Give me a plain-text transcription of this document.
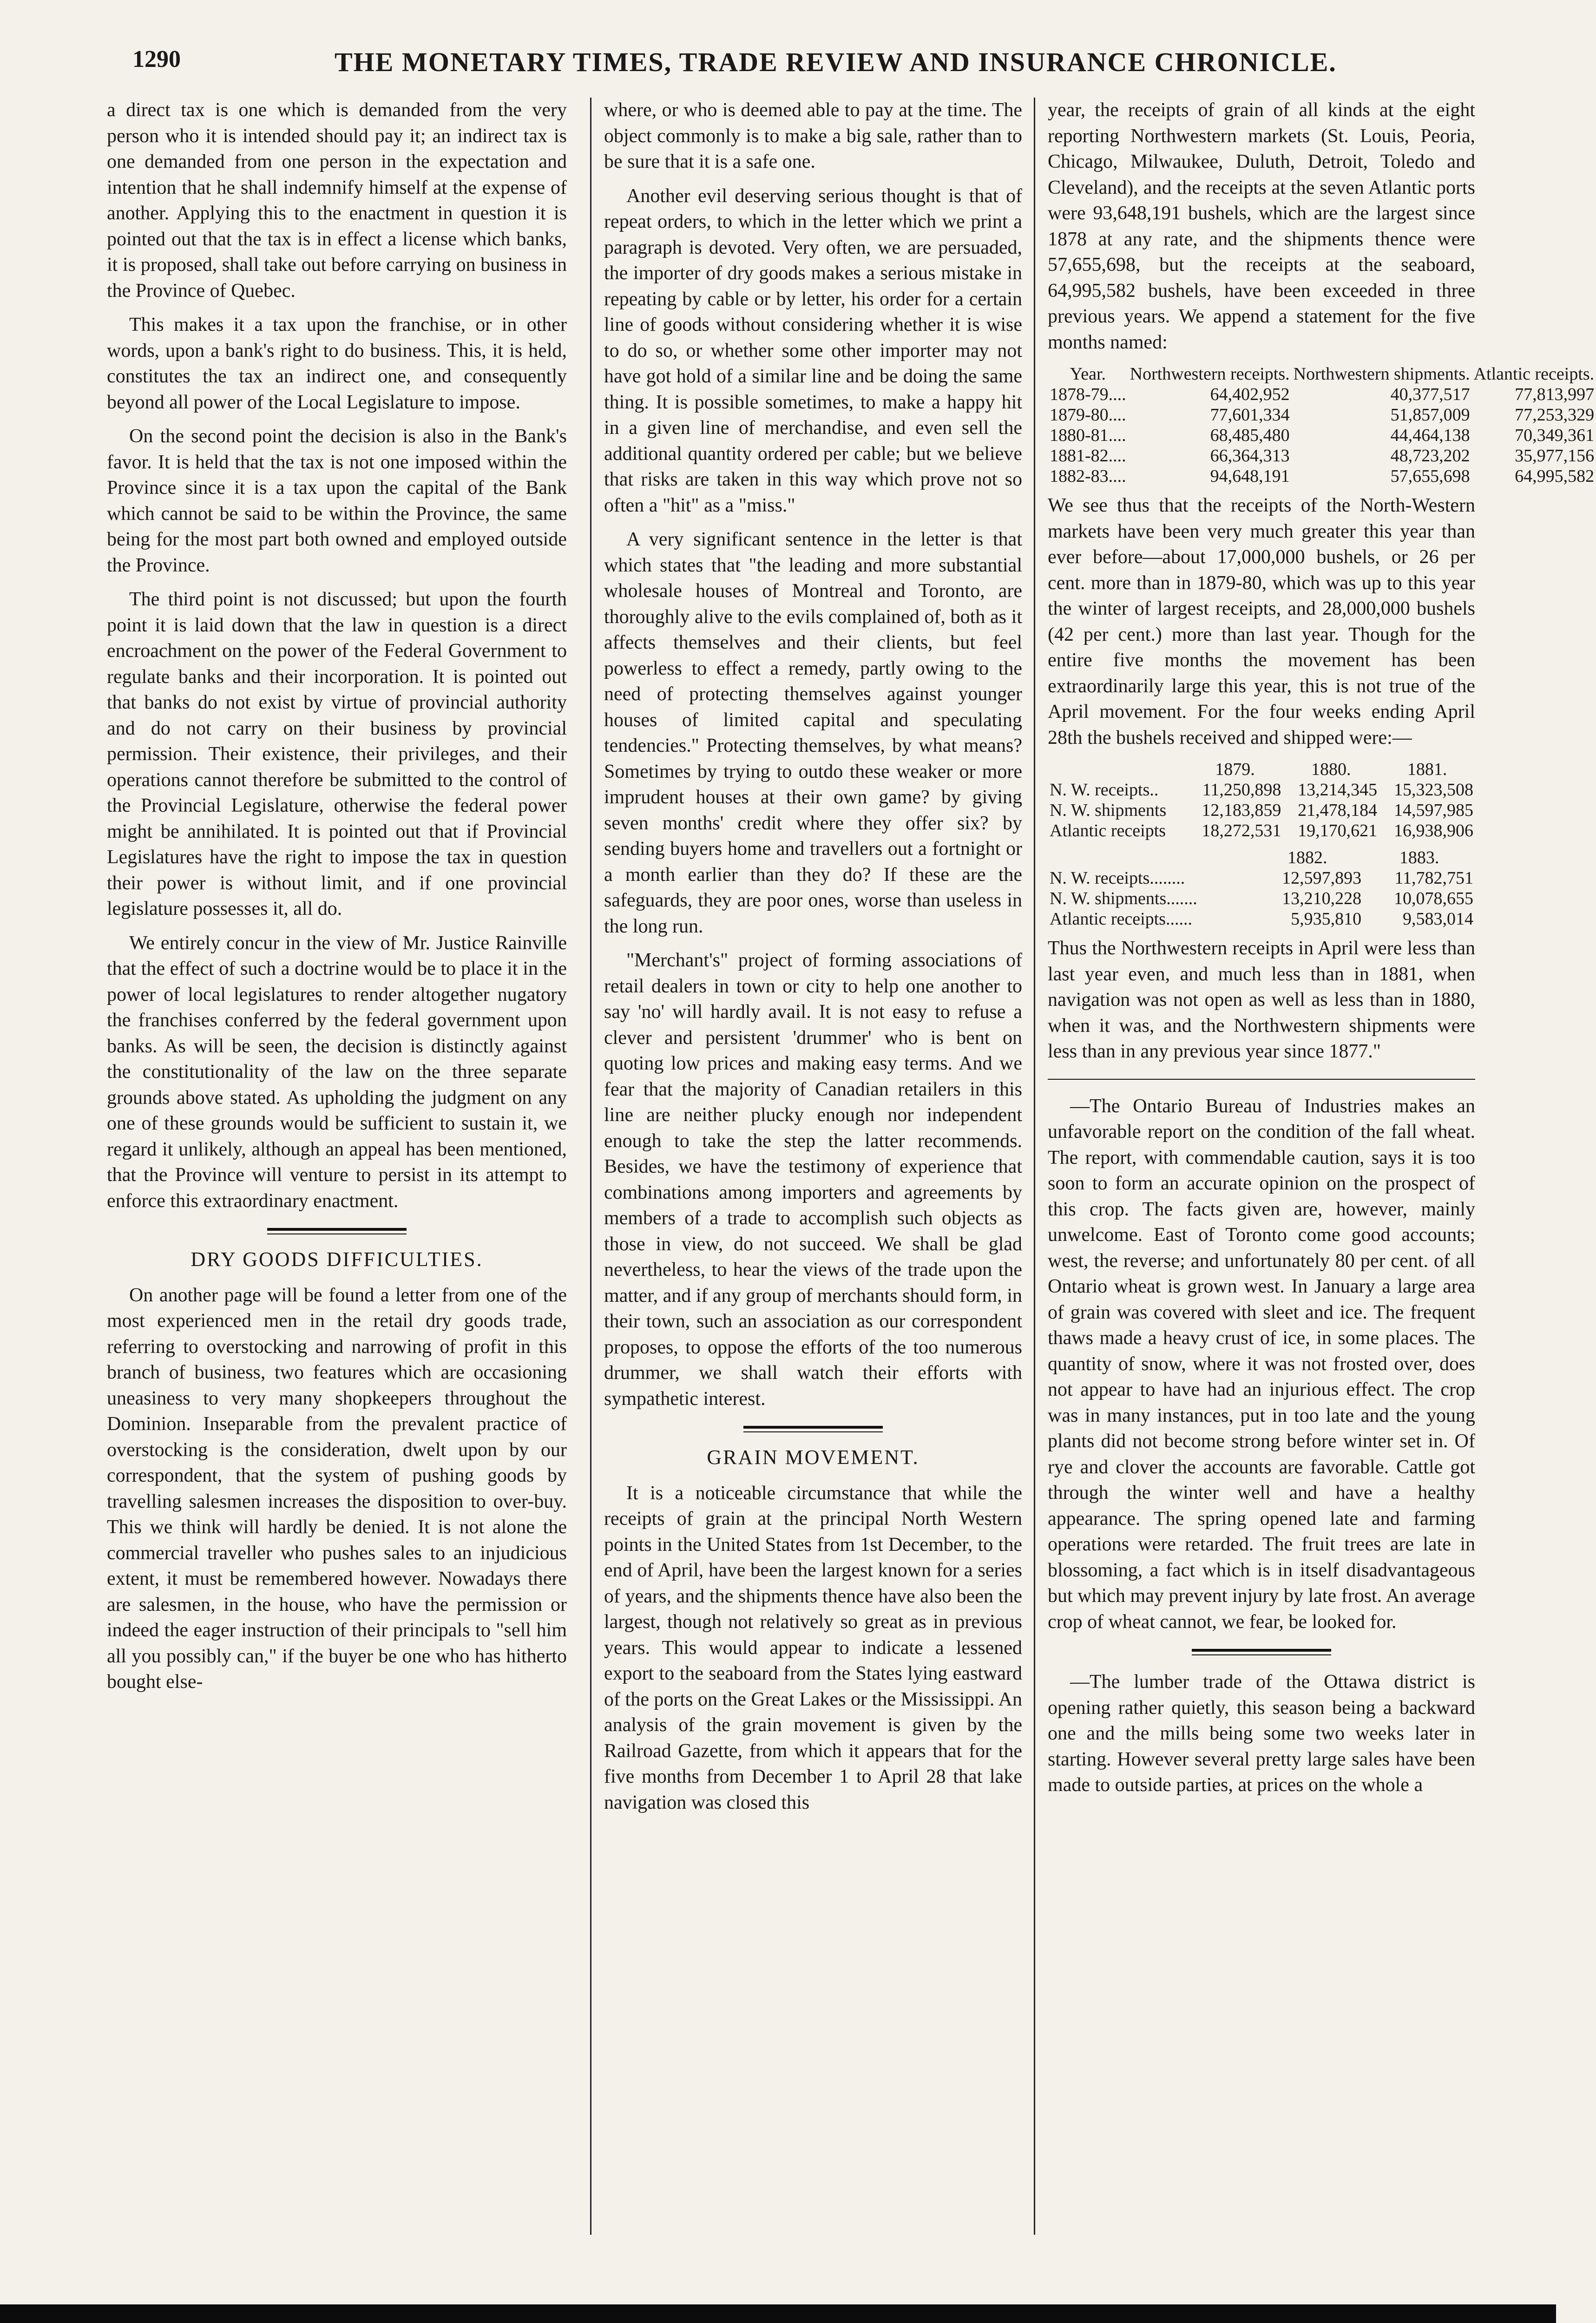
1290	THE MONETARY TIMES, TRADE REVIEW AND INSURANCE CHRONICLE.

a direct tax is one which is demanded from the very person who it is intended should pay it; an indirect tax is one demanded from one person in the expectation and intention that he shall indemnify himself at the expense of another. Applying this to the enactment in question it is pointed out that the tax is in effect a license which banks, it is proposed, shall take out before carrying on business in the Province of Quebec.

This makes it a tax upon the franchise, or in other words, upon a bank's right to do business. This, it is held, constitutes the tax an indirect one, and consequently beyond all power of the Local Legislature to impose.

On the second point the decision is also in the Bank's favor. It is held that the tax is not one imposed within the Province since it is a tax upon the capital of the Bank which cannot be said to be within the Province, the same being for the most part both owned and employed outside the Province.

The third point is not discussed; but upon the fourth point it is laid down that the law in question is a direct encroachment on the power of the Federal Government to regulate banks and their incorporation. It is pointed out that banks do not exist by virtue of provincial authority and do not carry on their business by provincial permission. Their existence, their privileges, and their operations cannot therefore be submitted to the control of the Provincial Legislature, otherwise the federal power might be annihilated. It is pointed out that if Provincial Legislatures have the right to impose the tax in question their power is without limit, and if one provincial legislature possesses it, all do.

We entirely concur in the view of Mr. Justice Rainville that the effect of such a doctrine would be to place it in the power of local legislatures to render altogether nugatory the franchises conferred by the federal government upon banks. As will be seen, the decision is distinctly against the constitutionality of the law on the three separate grounds above stated. As upholding the judgment on any one of these grounds would be sufficient to sustain it, we regard it unlikely, although an appeal has been mentioned, that the Province will venture to persist in its attempt to enforce this extraordinary enactment.

DRY GOODS DIFFICULTIES.

On another page will be found a letter from one of the most experienced men in the retail dry goods trade, referring to overstocking and narrowing of profit in this branch of business, two features which are occasioning uneasiness to very many shopkeepers throughout the Dominion. Inseparable from the prevalent practice of overstocking is the consideration, dwelt upon by our correspondent, that the system of pushing goods by travelling salesmen increases the disposition to over-buy. This we think will hardly be denied. It is not alone the commercial traveller who pushes sales to an injudicious extent, it must be remembered however. Nowadays there are salesmen, in the house, who have the permission or indeed the eager instruction of their principals to "sell him all you possibly can," if the buyer be one who has hitherto bought else-

where, or who is deemed able to pay at the time. The object commonly is to make a big sale, rather than to be sure that it is a safe one.

Another evil deserving serious thought is that of repeat orders, to which in the letter which we print a paragraph is devoted. Very often, we are persuaded, the importer of dry goods makes a serious mistake in repeating by cable or by letter, his order for a certain line of goods without considering whether it is wise to do so, or whether some other importer may not have got hold of a similar line and be doing the same thing. It is possible sometimes, to make a happy hit in a given line of merchandise, and even sell the additional quantity ordered per cable; but we believe that risks are taken in this way which prove not so often a "hit" as a "miss."

A very significant sentence in the letter is that which states that "the leading and more substantial wholesale houses of Montreal and Toronto, are thoroughly alive to the evils complained of, both as it affects themselves and their clients, but feel powerless to effect a remedy, partly owing to the need of protecting themselves against younger houses of limited capital and speculating tendencies." Protecting themselves, by what means? Sometimes by trying to outdo these weaker or more imprudent houses at their own game? by giving seven months' credit where they offer six? by sending buyers home and travellers out a fortnight or a month earlier than they do? If these are the safeguards, they are poor ones, worse than useless in the long run.

"Merchant's" project of forming associations of retail dealers in town or city to help one another to say 'no' will hardly avail. It is not easy to refuse a clever and persistent 'drummer' who is bent on quoting low prices and making easy terms. And we fear that the majority of Canadian retailers in this line are neither plucky enough nor independent enough to take the step the latter recommends. Besides, we have the testimony of experience that combinations among importers and agreements by members of a trade to accomplish such objects as those in view, do not succeed. We shall be glad nevertheless, to hear the views of the trade upon the matter, and if any group of merchants should form, in their town, such an association as our correspondent proposes, to oppose the efforts of the too numerous drummer, we shall watch their efforts with sympathetic interest.

GRAIN MOVEMENT.

It is a noticeable circumstance that while the receipts of grain at the principal North Western points in the United States from 1st December, to the end of April, have been the largest known for a series of years, and the shipments thence have also been the largest, though not relatively so great as in previous years. This would appear to indicate a lessened export to the seaboard from the States lying eastward of the ports on the Great Lakes or the Mississippi. An analysis of the grain movement is given by the Railroad Gazette, from which it appears that for the five months from December 1 to April 28 that lake navigation was closed this

year, the receipts of grain of all kinds at the eight reporting Northwestern markets (St. Louis, Peoria, Chicago, Milwaukee, Duluth, Detroit, Toledo and Cleveland), and the receipts at the seven Atlantic ports were 93,648,191 bushels, which are the largest since 1878 at any rate, and the shipments thence were 57,655,698, but the receipts at the seaboard, 64,995,582 bushels, have been exceeded in three previous years. We append a statement for the five months named:

Year.	Northwestern receipts.	Northwestern shipments.	Atlantic receipts.
1878-79....	64,402,952	40,377,517	77,813,997
1879-80....	77,601,334	51,857,009	77,253,329
1880-81....	68,485,480	44,464,138	70,349,361
1881-82....	66,364,313	48,723,202	35,977,156
1882-83....	94,648,191	57,655,698	64,995,582

We see thus that the receipts of the North-Western markets have been very much greater this year than ever before—about 17,000,000 bushels, or 26 per cent. more than in 1879-80, which was up to this year the winter of largest receipts, and 28,000,000 bushels (42 per cent.) more than last year. Though for the entire five months the movement has been extraordinarily large this year, this is not true of the April movement. For the four weeks ending April 28th the bushels received and shipped were:—

	1879.	1880.	1881.
N. W. receipts..	11,250,898	13,214,345	15,323,508
N. W. shipments	12,183,859	21,478,184	14,597,985
Atlantic receipts	18,272,531	19,170,621	16,938,906
	1882.	1883.
N. W. receipts........	12,597,893	11,782,751
N. W. shipments.......	13,210,228	10,078,655
Atlantic receipts......	5,935,810	9,583,014

Thus the Northwestern receipts in April were less than last year even, and much less than in 1881, when navigation was not open as well as less than in 1880, when it was, and the Northwestern shipments were less than in any previous year since 1877."

—The Ontario Bureau of Industries makes an unfavorable report on the condition of the fall wheat. The report, with commendable caution, says it is too soon to form an accurate opinion on the prospect of this crop. The facts given are, however, mainly unwelcome. East of Toronto come good accounts; west, the reverse; and unfortunately 80 per cent. of all Ontario wheat is grown west. In January a large area of grain was covered with sleet and ice. The frequent thaws made a heavy crust of ice, in some places. The quantity of snow, where it was not frosted over, does not appear to have had an injurious effect. The crop was in many instances, put in too late and the young plants did not become strong before winter set in. Of rye and clover the accounts are favorable. Cattle got through the winter well and have a healthy appearance. The spring opened late and farming operations were retarded. The fruit trees are late in blossoming, a fact which is in itself disadvantageous but which may prevent injury by late frost. An average crop of wheat cannot, we fear, be looked for.

—The lumber trade of the Ottawa district is opening rather quietly, this season being a backward one and the mills being some two weeks later in starting. However several pretty large sales have been made to outside parties, at prices on the whole a
